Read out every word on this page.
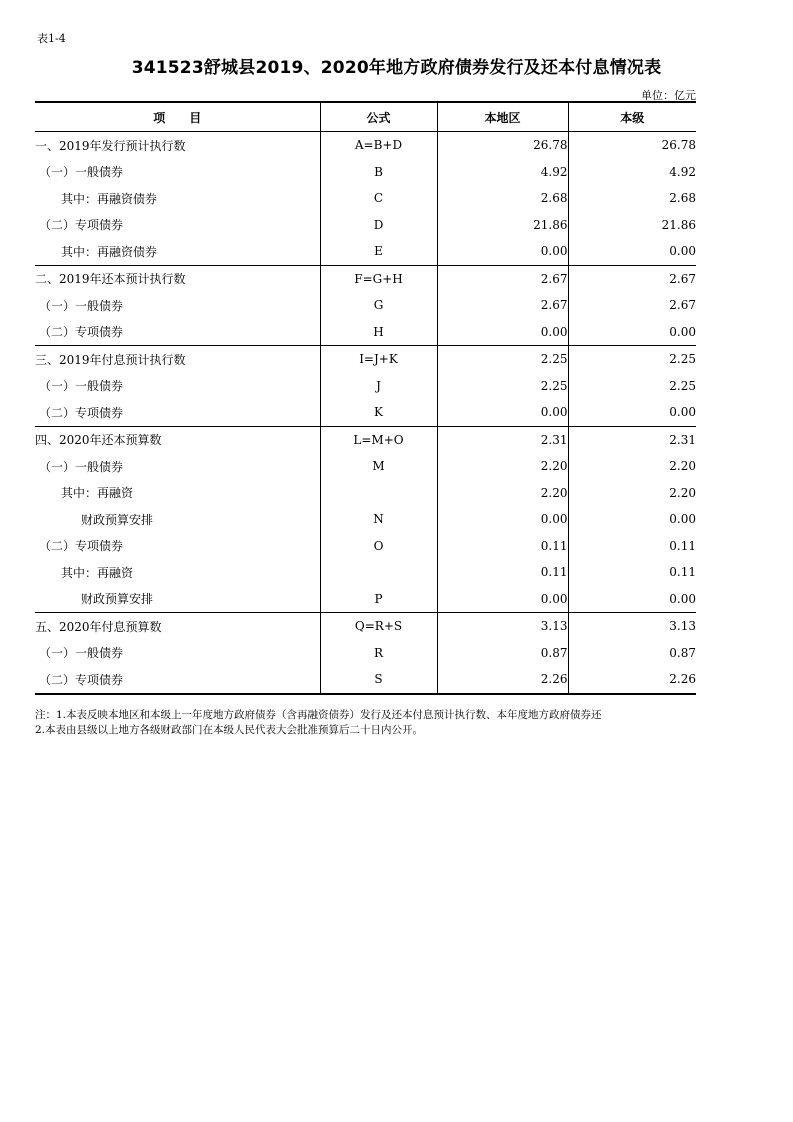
表1-4
341523舒城县2019、2020年地方政府债券发行及还本付息情况表
单位：亿元
项　　目	公式	本地区	本级
一、2019年发行预计执行数	A=B+D	26.78	26.78
（一）一般债券	B	4.92	4.92
其中：再融资债券	C	2.68	2.68
（二）专项债券	D	21.86	21.86
其中：再融资债券	E	0.00	0.00
二、2019年还本预计执行数	F=G+H	2.67	2.67
（一）一般债券	G	2.67	2.67
（二）专项债券	H	0.00	0.00
三、2019年付息预计执行数	I=J+K	2.25	2.25
（一）一般债券	J	2.25	2.25
（二）专项债券	K	0.00	0.00
四、2020年还本预算数	L=M+O	2.31	2.31
（一）一般债券	M	2.20	2.20
其中：再融资		2.20	2.20
财政预算安排	N	0.00	0.00
（二）专项债券	O	0.11	0.11
其中：再融资		0.11	0.11
财政预算安排	P	0.00	0.00
五、2020年付息预算数	Q=R+S	3.13	3.13
（一）一般债券	R	0.87	0.87
（二）专项债券	S	2.26	2.26
注：1.本表反映本地区和本级上一年度地方政府债券（含再融资债券）发行及还本付息预计执行数、本年度地方政府债券还
2.本表由县级以上地方各级财政部门在本级人民代表大会批准预算后二十日内公开。
